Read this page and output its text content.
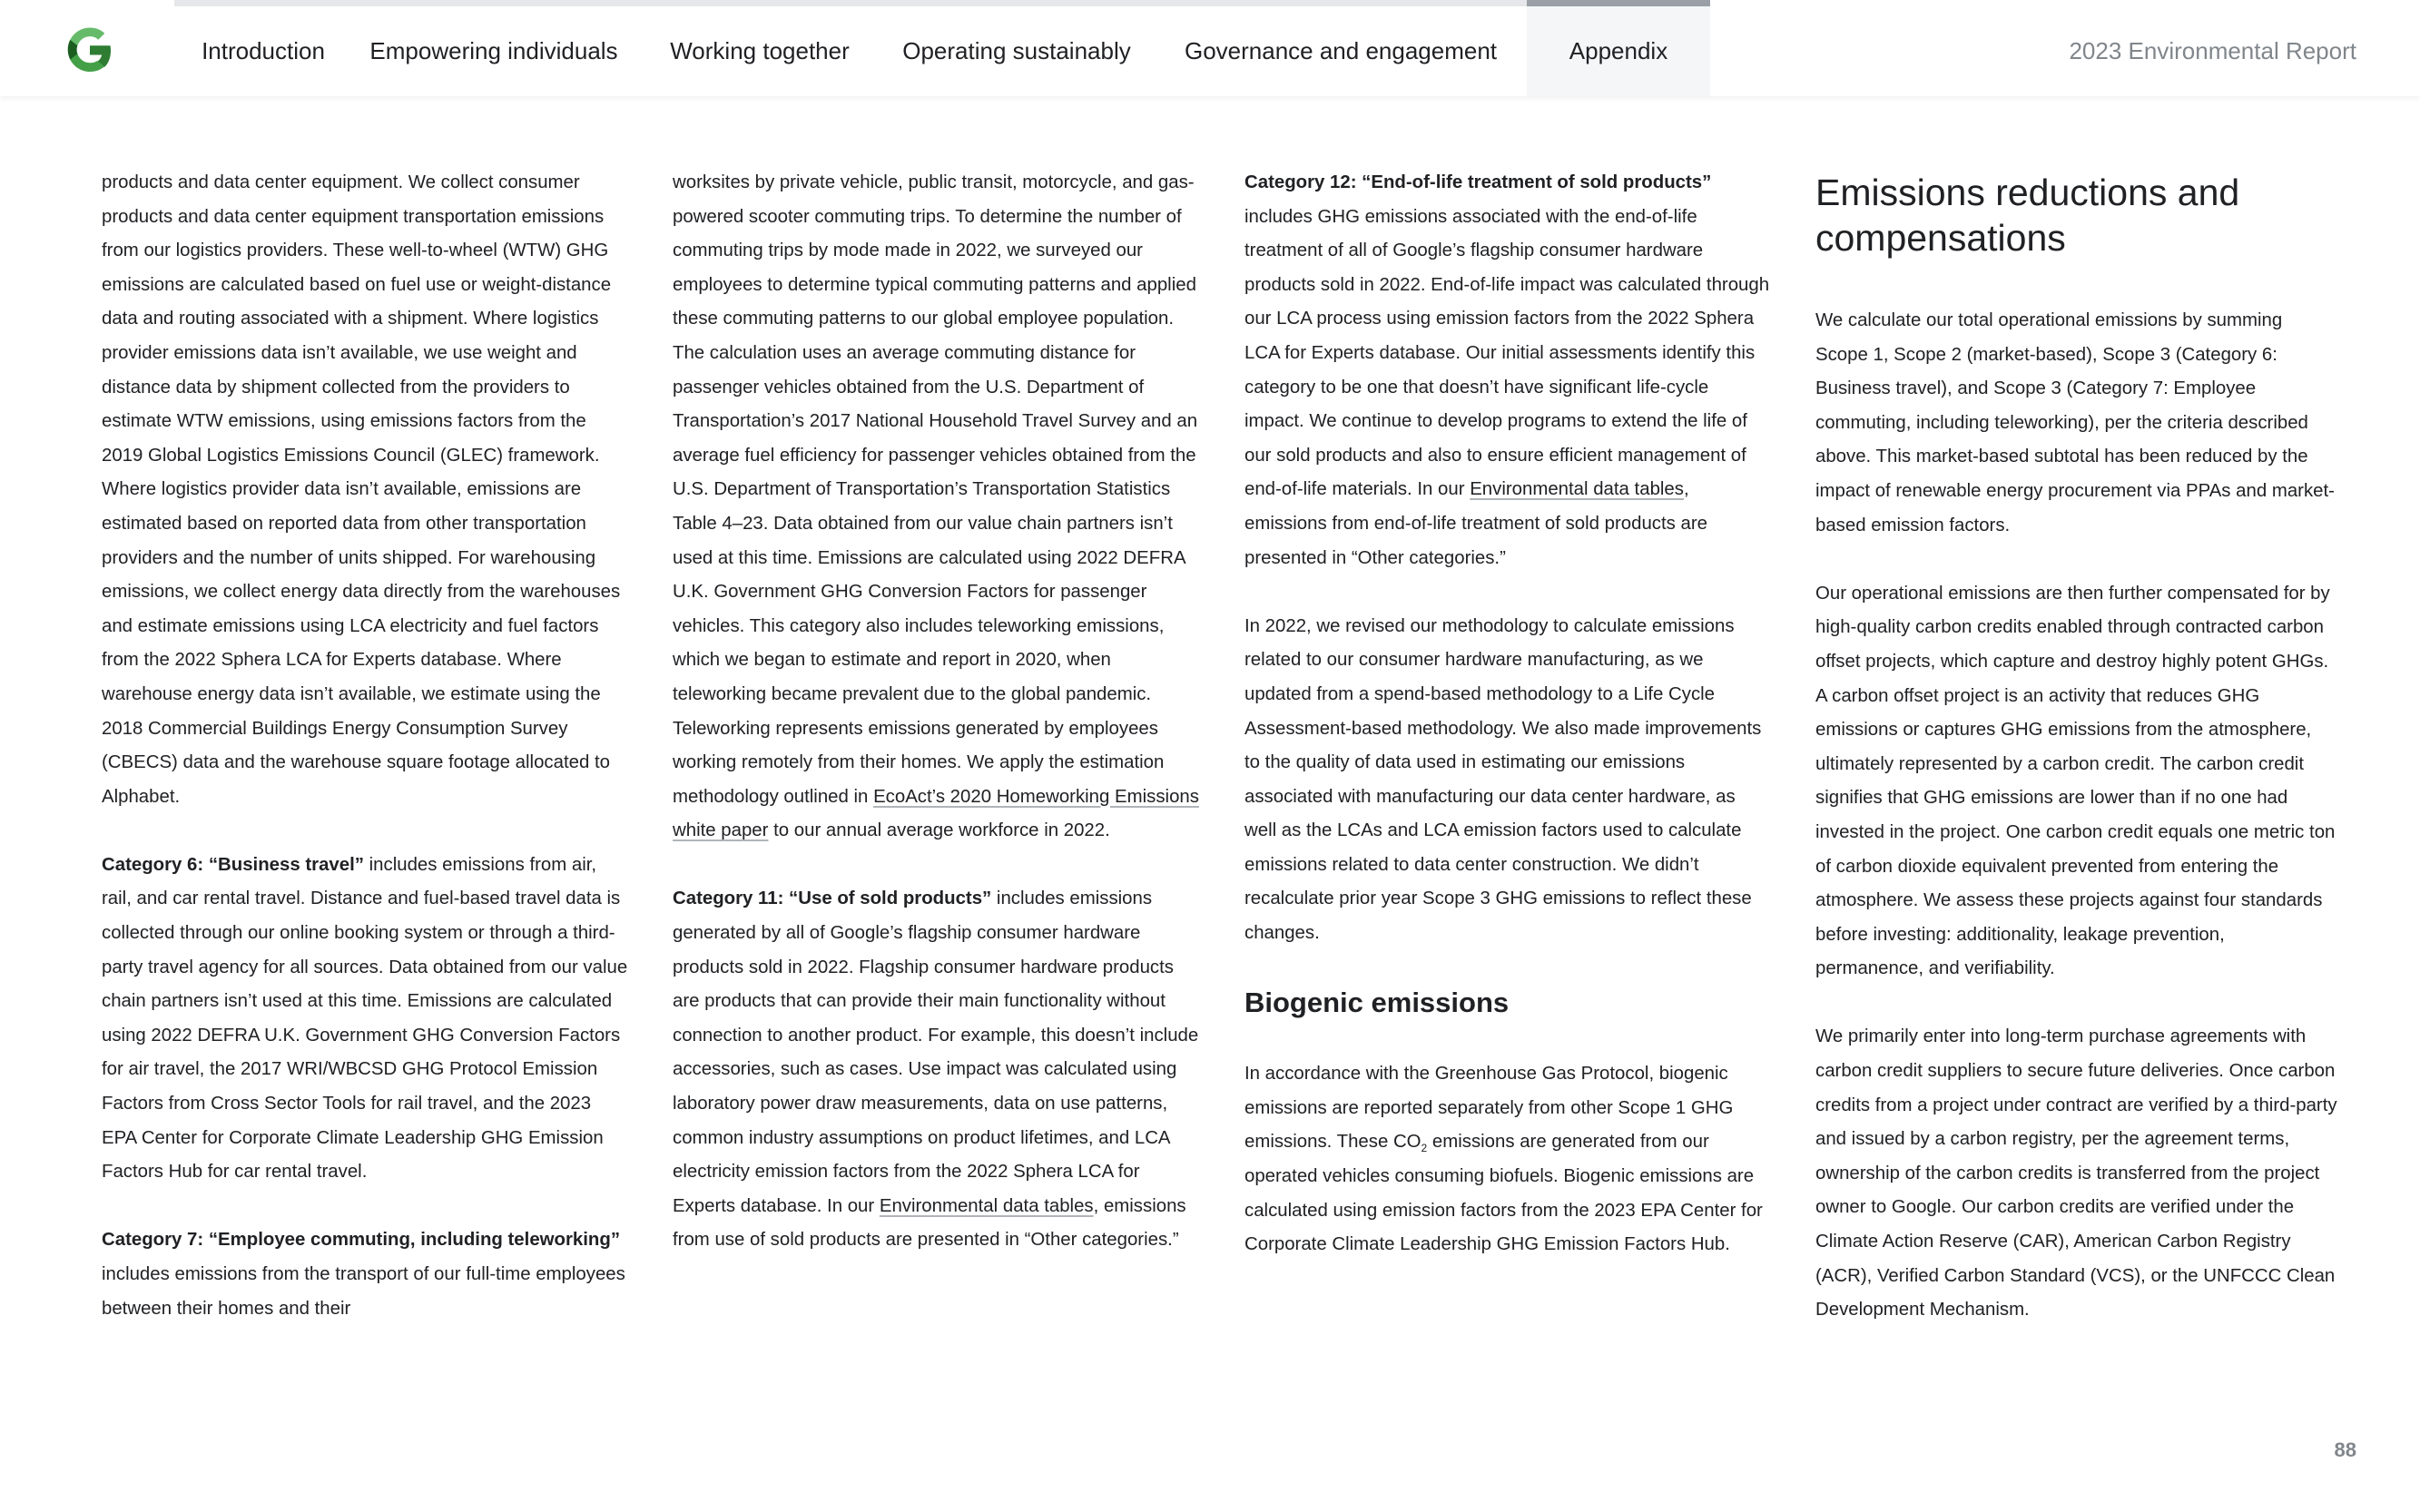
Introduction	Empowering individuals	Working together	Operating sustainably	Governance and engagement	Appendix	2023 Environmental Report

products and data center equipment. We collect consumer products and data center equipment transportation emissions from our logistics providers. These well-to-wheel (WTW) GHG emissions are calculated based on fuel use or weight-distance data and routing associated with a shipment. Where logistics provider emissions data isn’t available, we use weight and distance data by shipment collected from the providers to estimate WTW emissions, using emissions factors from the 2019 Global Logistics Emissions Council (GLEC) framework. Where logistics provider data isn’t available, emissions are estimated based on reported data from other transportation providers and the number of units shipped. For warehousing emissions, we collect energy data directly from the warehouses and estimate emissions using LCA electricity and fuel factors from the 2022 Sphera LCA for Experts database. Where warehouse energy data isn’t available, we estimate using the 2018 Commercial Buildings Energy Consumption Survey (CBECS) data and the warehouse square footage allocated to Alphabet.

Category 6: “Business travel” includes emissions from air, rail, and car rental travel. Distance and fuel-based travel data is collected through our online booking system or through a third-party travel agency for all sources. Data obtained from our value chain partners isn’t used at this time. Emissions are calculated using 2022 DEFRA U.K. Government GHG Conversion Factors for air travel, the 2017 WRI/WBCSD GHG Protocol Emission Factors from Cross Sector Tools for rail travel, and the 2023 EPA Center for Corporate Climate Leadership GHG Emission Factors Hub for car rental travel.

Category 7: “Employee commuting, including teleworking” includes emissions from the transport of our full-time employees between their homes and their

worksites by private vehicle, public transit, motorcycle, and gas-powered scooter commuting trips. To determine the number of commuting trips by mode made in 2022, we surveyed our employees to determine typical commuting patterns and applied these commuting patterns to our global employee population. The calculation uses an average commuting distance for passenger vehicles obtained from the U.S. Department of Transportation’s 2017 National Household Travel Survey and an average fuel efficiency for passenger vehicles obtained from the U.S. Department of Transportation’s Transportation Statistics Table 4–23. Data obtained from our value chain partners isn’t used at this time. Emissions are calculated using 2022 DEFRA U.K. Government GHG Conversion Factors for passenger vehicles. This category also includes teleworking emissions, which we began to estimate and report in 2020, when teleworking became prevalent due to the global pandemic. Teleworking represents emissions generated by employees working remotely from their homes. We apply the estimation methodology outlined in EcoAct’s 2020 Homeworking Emissions white paper to our annual average workforce in 2022.

Category 11: “Use of sold products” includes emissions generated by all of Google’s flagship consumer hardware products sold in 2022. Flagship consumer hardware products are products that can provide their main functionality without connection to another product. For example, this doesn’t include accessories, such as cases. Use impact was calculated using laboratory power draw measurements, data on use patterns, common industry assumptions on product lifetimes, and LCA electricity emission factors from the 2022 Sphera LCA for Experts database. In our Environmental data tables, emissions from use of sold products are presented in “Other categories.”

Category 12: “End-of-life treatment of sold products” includes GHG emissions associated with the end-of-life treatment of all of Google’s flagship consumer hardware products sold in 2022. End-of-life impact was calculated through our LCA process using emission factors from the 2022 Sphera LCA for Experts database. Our initial assessments identify this category to be one that doesn’t have significant life-cycle impact. We continue to develop programs to extend the life of our sold products and also to ensure efficient management of end-of-life materials. In our Environmental data tables, emissions from end-of-life treatment of sold products are presented in “Other categories.”

In 2022, we revised our methodology to calculate emissions related to our consumer hardware manufacturing, as we updated from a spend-based methodology to a Life Cycle Assessment-based methodology. We also made improvements to the quality of data used in estimating our emissions associated with manufacturing our data center hardware, as well as the LCAs and LCA emission factors used to calculate emissions related to data center construction. We didn’t recalculate prior year Scope 3 GHG emissions to reflect these changes.

Biogenic emissions

In accordance with the Greenhouse Gas Protocol, biogenic emissions are reported separately from other Scope 1 GHG emissions. These $CO_2$ emissions are generated from our operated vehicles consuming biofuels. Biogenic emissions are calculated using emission factors from the 2023 EPA Center for Corporate Climate Leadership GHG Emission Factors Hub.

Emissions reductions and compensations

We calculate our total operational emissions by summing Scope 1, Scope 2 (market-based), Scope 3 (Category 6: Business travel), and Scope 3 (Category 7: Employee commuting, including teleworking), per the criteria described above. This market-based subtotal has been reduced by the impact of renewable energy procurement via PPAs and market-based emission factors.

Our operational emissions are then further compensated for by high-quality carbon credits enabled through contracted carbon offset projects, which capture and destroy highly potent GHGs. A carbon offset project is an activity that reduces GHG emissions or captures GHG emissions from the atmosphere, ultimately represented by a carbon credit. The carbon credit signifies that GHG emissions are lower than if no one had invested in the project. One carbon credit equals one metric ton of carbon dioxide equivalent prevented from entering the atmosphere. We assess these projects against four standards before investing: additionality, leakage prevention, permanence, and verifiability.

We primarily enter into long-term purchase agreements with carbon credit suppliers to secure future deliveries. Once carbon credits from a project under contract are verified by a third-party and issued by a carbon registry, per the agreement terms, ownership of the carbon credits is transferred from the project owner to Google. Our carbon credits are verified under the Climate Action Reserve (CAR), American Carbon Registry (ACR), Verified Carbon Standard (VCS), or the UNFCCC Clean Development Mechanism.

88
